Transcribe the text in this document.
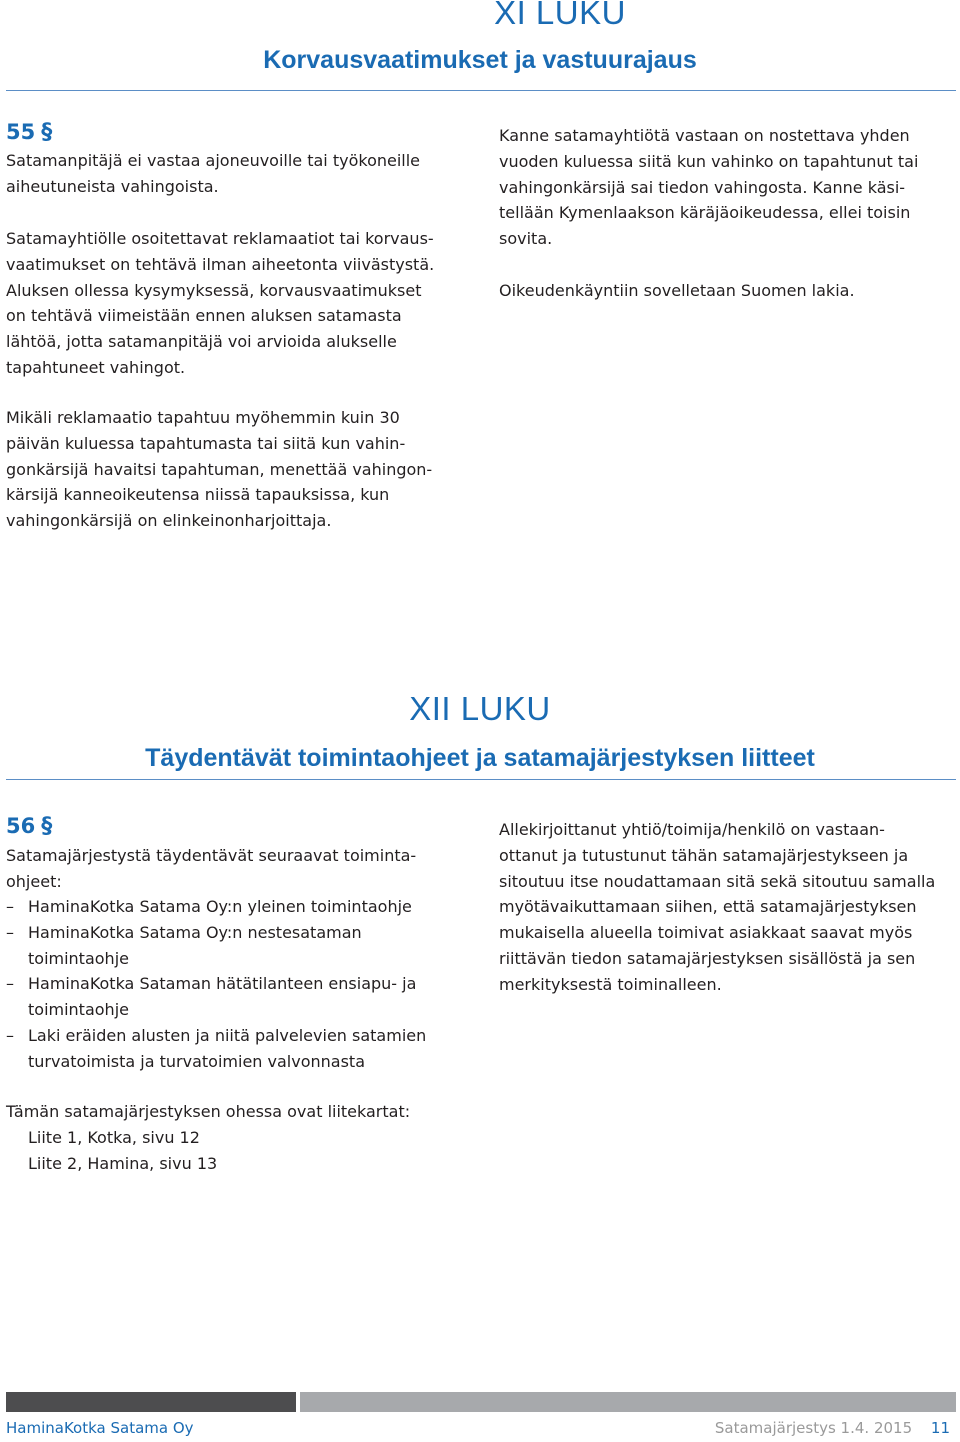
XI LUKU
Korvausvaatimukset ja vastuurajaus
55 §

Satamanpitäjä ei vastaa ajoneuvoille tai työkoneille
aiheutuneista vahingoista.

Satamayhtiölle osoitettavat reklamaatiot tai korvaus-
vaatimukset on tehtävä ilman aiheetonta viivästystä.
Aluksen ollessa kysymyksessä, korvausvaatimukset
on tehtävä viimeistään ennen aluksen satamasta
lähtöä, jotta satamanpitäjä voi arvioida alukselle
tapahtuneet vahingot.

Mikäli reklamaatio tapahtuu myöhemmin kuin 30
päivän kuluessa tapahtumasta tai siitä kun vahin-
gonkärsijä havaitsi tapahtuman, menettää vahingon-
kärsijä kanneoikeutensa niissä tapauksissa, kun
vahingonkärsijä on elinkeinonharjoittaja.

Kanne satamayhtiötä vastaan on nostettava yhden
vuoden kuluessa siitä kun vahinko on tapahtunut tai
vahingonkärsijä sai tiedon vahingosta. Kanne käsi-
tellään Kymenlaakson käräjäoikeudessa, ellei toisin
sovita.

Oikeudenkäyntiin sovelletaan Suomen lakia.

XII LUKU
Täydentävät toimintaohjeet ja satamajärjestyksen liitteet
56 §

Satamajärjestystä täydentävät seuraavat toiminta-
ohjeet:

– HaminaKotka Satama Oy:n yleinen toimintaohje
– HaminaKotka Satama Oy:n nestesataman
toimintaohje
– HaminaKotka Sataman hätätilanteen ensiapu- ja
toimintaohje
– Laki eräiden alusten ja niitä palvelevien satamien
turvatoimista ja turvatoimien valvonnasta

Tämän satamajärjestyksen ohessa ovat liitekartat:

Liite 1, Kotka, sivu 12
Liite 2, Hamina, sivu 13

Allekirjoittanut yhtiö/toimija/henkilö on vastaan-
ottanut ja tutustunut tähän satamajärjestykseen ja
sitoutuu itse noudattamaan sitä sekä sitoutuu samalla
myötävaikuttamaan siihen, että satamajärjestyksen
mukaisella alueella toimivat asiakkaat saavat myös
riittävän tiedon satamajärjestyksen sisällöstä ja sen
merkityksestä toiminalleen.

HaminaKotka Satama Oy	Satamajärjestys 1.4. 2015 11
